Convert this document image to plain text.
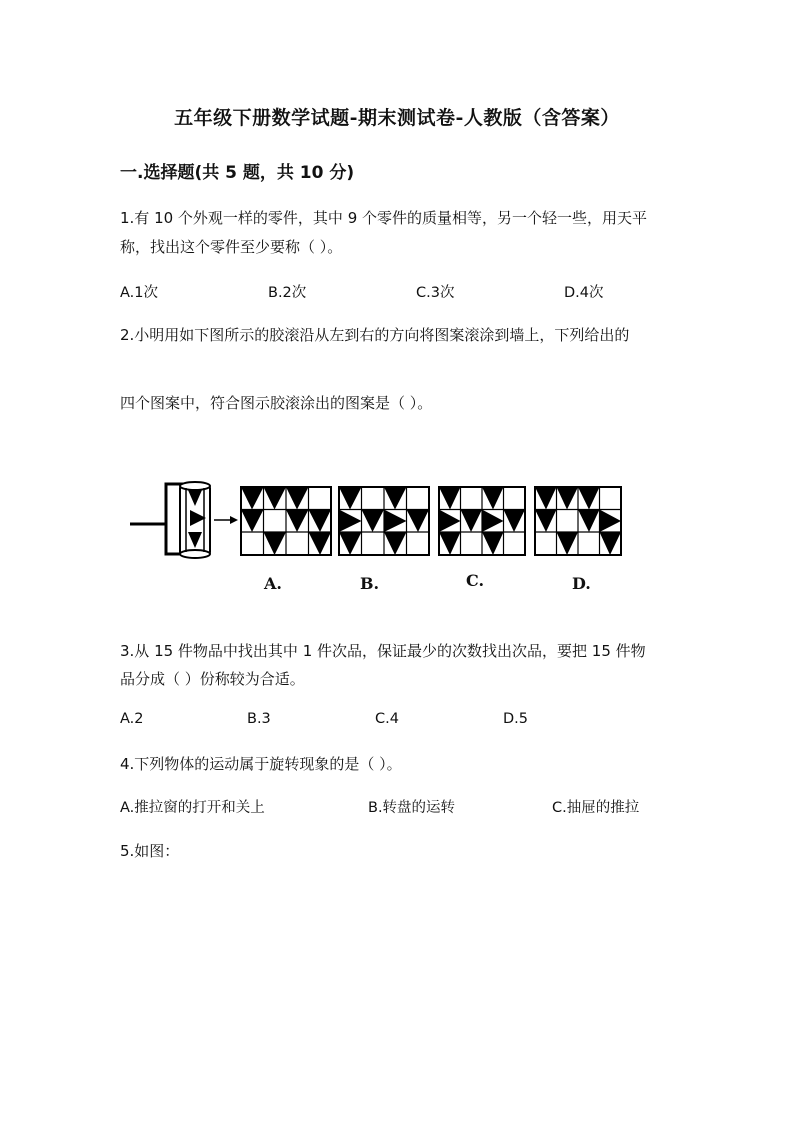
五年级下册数学试题-期末测试卷-人教版（含答案）
一.选择题(共 5 题，共 10 分)
1.有 10 个外观一样的零件，其中 9 个零件的质量相等，另一个轻一些，用天平
称，找出这个零件至少要称（ ）。
A.1次	B.2次	C.3次	D.4次
2.小明用如下图所示的胶滚沿从左到右的方向将图案滚涂到墙上，下列给出的
四个图案中，符合图示胶滚涂出的图案是（ ）。
A.	B.	C.	D.
3.从 15 件物品中找出其中 1 件次品，保证最少的次数找出次品，要把 15 件物
品分成（ ）份称较为合适。
A.2	B.3	C.4	D.5
4.下列物体的运动属于旋转现象的是（ ）。
A.推拉窗的打开和关上	B.转盘的运转	C.抽屉的推拉
5.如图：
